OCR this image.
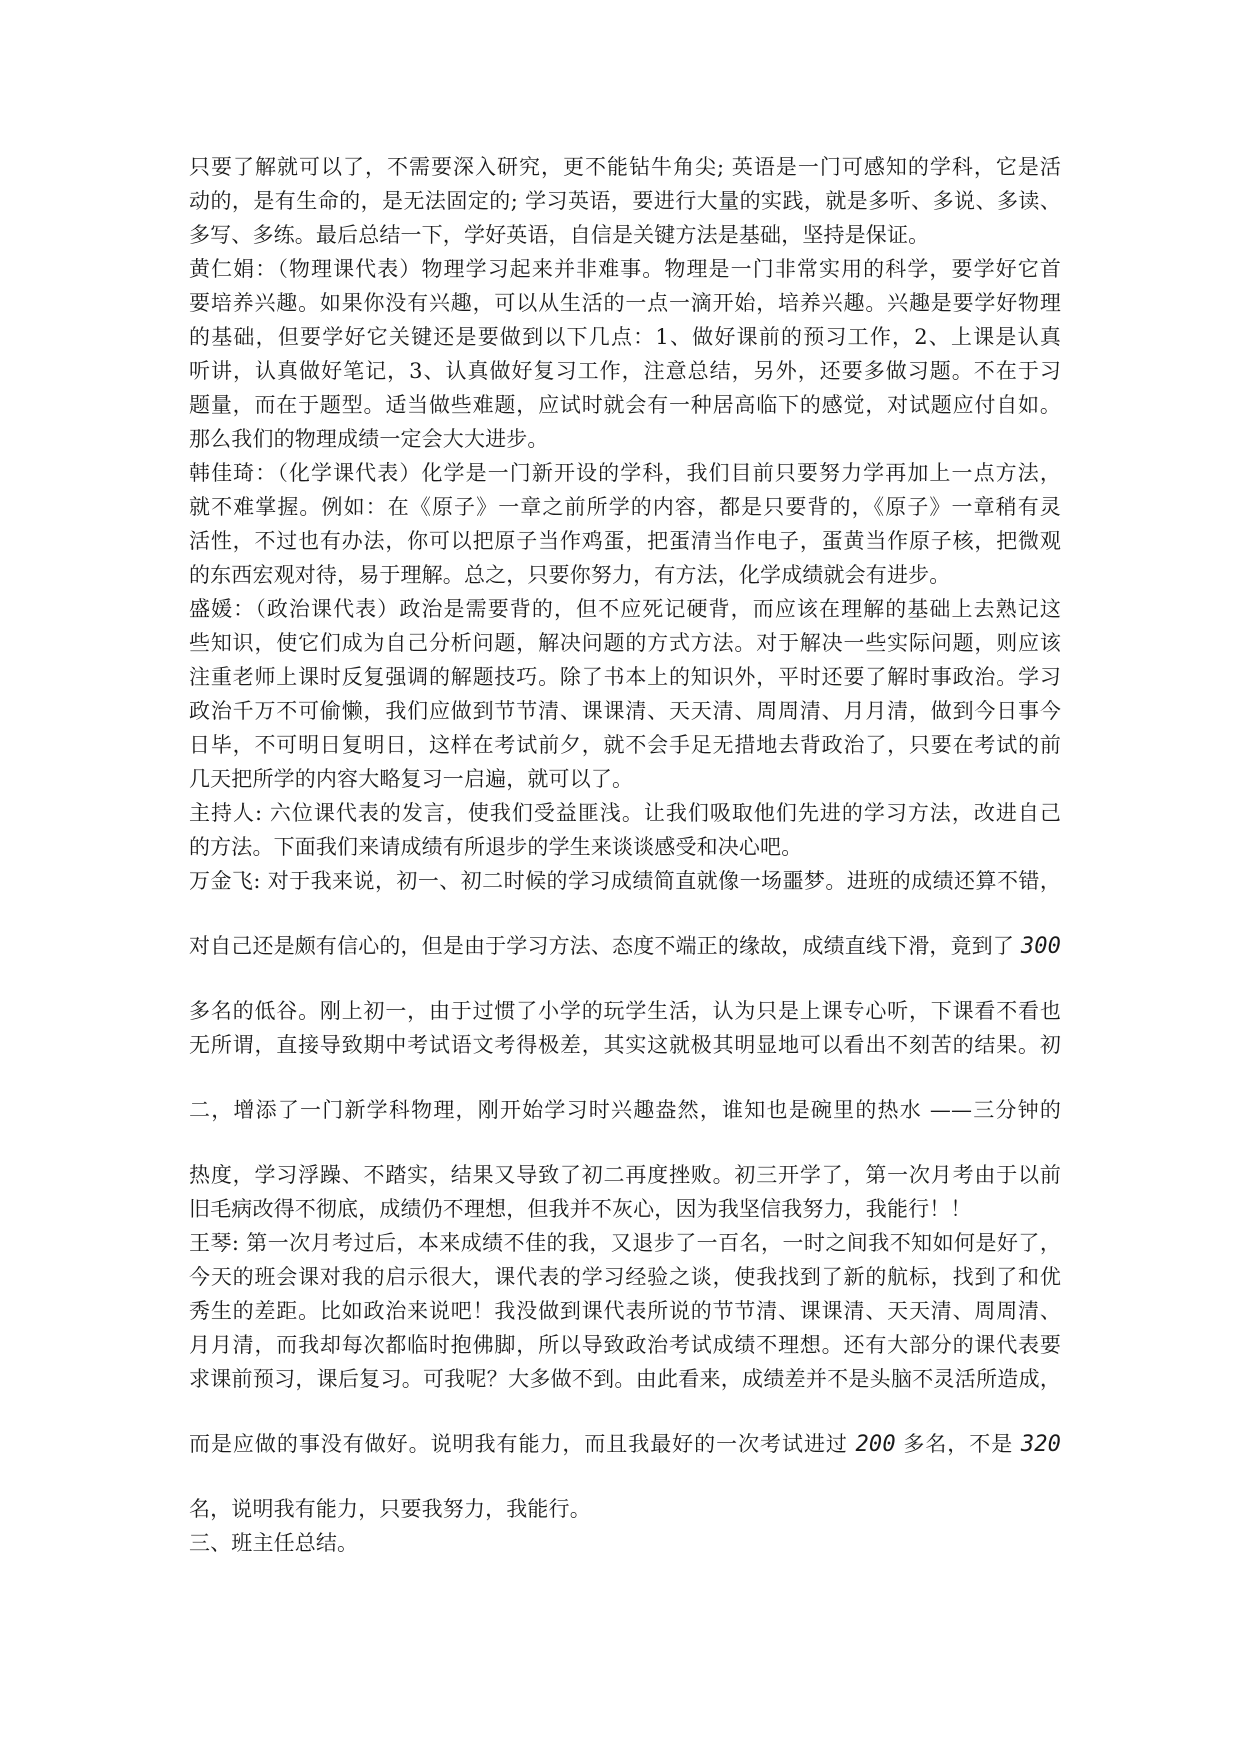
只要了解就可以了，不需要深入研究，更不能钻牛角尖; 英语是一门可感知的学科，它是活
动的，是有生命的，是无法固定的; 学习英语，要进行大量的实践，就是多听、多说、多读、
多写、多练。最后总结一下，学好英语，自信是关键方法是基础，坚持是保证。
黄仁娟：（物理课代表）物理学习起来并非难事。物理是一门非常实用的科学，要学好它首
要培养兴趣。如果你没有兴趣，可以从生活的一点一滴开始，培养兴趣。兴趣是要学好物理
的基础，但要学好它关键还是要做到以下几点：1、做好课前的预习工作，2、上课是认真
听讲，认真做好笔记，3、认真做好复习工作，注意总结，另外，还要多做习题。不在于习
题量，而在于题型。适当做些难题，应试时就会有一种居高临下的感觉，对试题应付自如。
那么我们的物理成绩一定会大大进步。
韩佳琦：（化学课代表）化学是一门新开设的学科，我们目前只要努力学再加上一点方法，
就不难掌握。例如：在《原子》一章之前所学的内容，都是只要背的，《原子》一章稍有灵
活性，不过也有办法，你可以把原子当作鸡蛋，把蛋清当作电子，蛋黄当作原子核，把微观
的东西宏观对待，易于理解。总之，只要你努力，有方法，化学成绩就会有进步。
盛媛：（政治课代表）政治是需要背的，但不应死记硬背，而应该在理解的基础上去熟记这
些知识，使它们成为自己分析问题，解决问题的方式方法。对于解决一些实际问题，则应该
注重老师上课时反复强调的解题技巧。除了书本上的知识外，平时还要了解时事政治。学习
政治千万不可偷懒，我们应做到节节清、课课清、天天清、周周清、月月清，做到今日事今
日毕，不可明日复明日，这样在考试前夕，就不会手足无措地去背政治了，只要在考试的前
几天把所学的内容大略复习一启遍，就可以了。
主持人: 六位课代表的发言，使我们受益匪浅。让我们吸取他们先进的学习方法，改进自己
的方法。下面我们来请成绩有所退步的学生来谈谈感受和决心吧。
万金飞: 对于我来说，初一、初二时候的学习成绩简直就像一场噩梦。进班的成绩还算不错，
对自己还是颇有信心的，但是由于学习方法、态度不端正的缘故，成绩直线下滑，竟到了 300
多名的低谷。刚上初一，由于过惯了小学的玩学生活，认为只是上课专心听，下课看不看也
无所谓，直接导致期中考试语文考得极差，其实这就极其明显地可以看出不刻苦的结果。初
二，增添了一门新学科物理，刚开始学习时兴趣盎然，谁知也是碗里的热水 ——三分钟的
热度，学习浮躁、不踏实，结果又导致了初二再度挫败。初三开学了，第一次月考由于以前
旧毛病改得不彻底，成绩仍不理想，但我并不灰心，因为我坚信我努力，我能行！！
王琴: 第一次月考过后，本来成绩不佳的我，又退步了一百名，一时之间我不知如何是好了，
今天的班会课对我的启示很大，课代表的学习经验之谈，使我找到了新的航标，找到了和优
秀生的差距。比如政治来说吧！我没做到课代表所说的节节清、课课清、天天清、周周清、
月月清，而我却每次都临时抱佛脚，所以导致政治考试成绩不理想。还有大部分的课代表要
求课前预习，课后复习。可我呢？大多做不到。由此看来，成绩差并不是头脑不灵活所造成，
而是应做的事没有做好。说明我有能力，而且我最好的一次考试进过 200 多名，不是 320
名，说明我有能力，只要我努力，我能行。
三、班主任总结。
